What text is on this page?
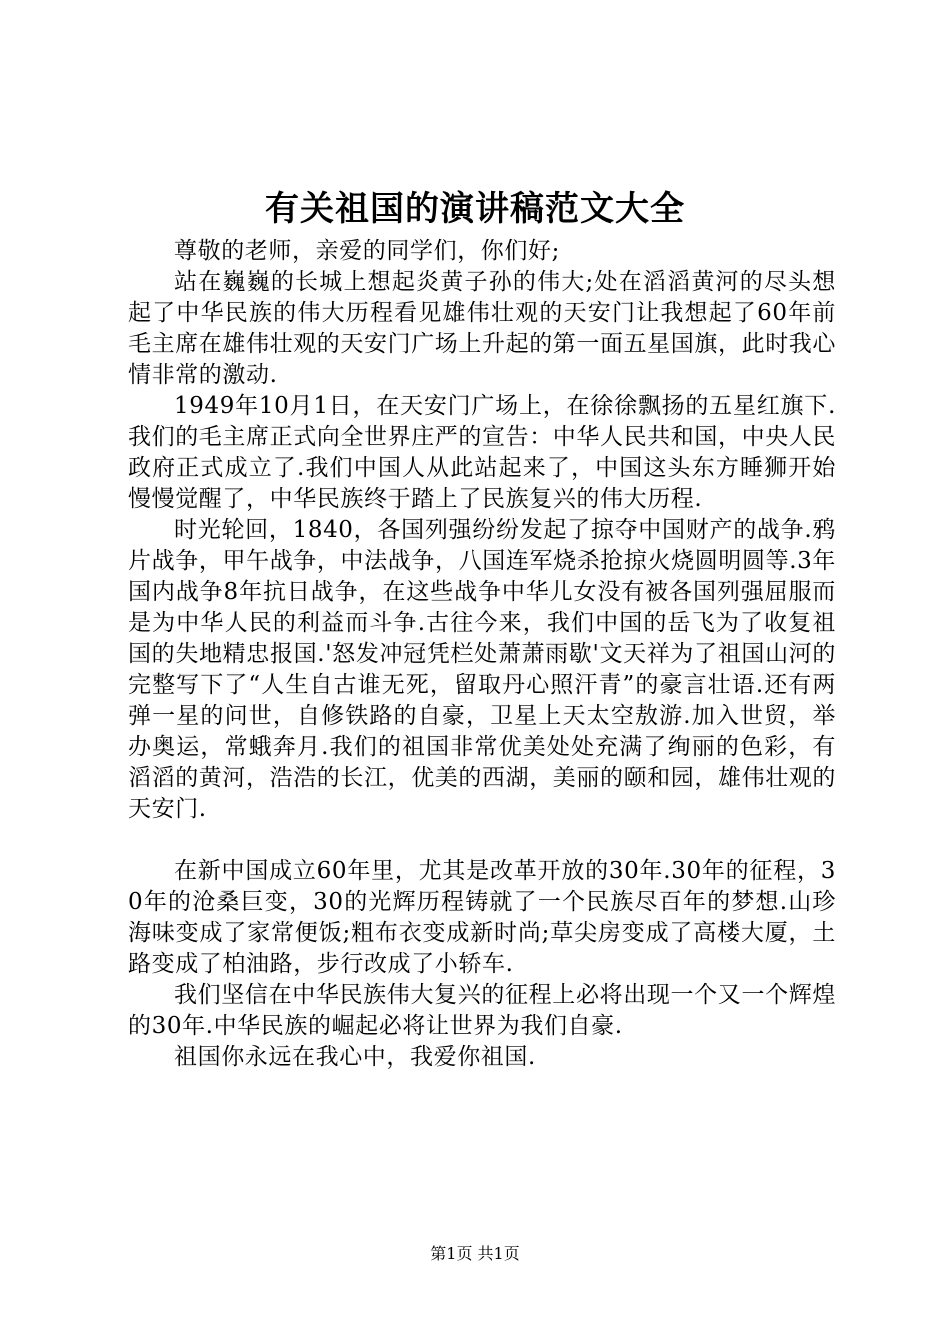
有关祖国的演讲稿范文大全

尊敬的老师，亲爱的同学们，你们好;

站在巍巍的长城上想起炎黄子孙的伟大;处在滔滔黄河的尽头想起了中华民族的伟大历程看见雄伟壮观的天安门让我想起了60年前毛主席在雄伟壮观的天安门广场上升起的第一面五星国旗，此时我心情非常的激动.

1949年10月1日，在天安门广场上，在徐徐飘扬的五星红旗下.我们的毛主席正式向全世界庄严的宣告：中华人民共和国，中央人民政府正式成立了.我们中国人从此站起来了，中国这头东方睡狮开始慢慢觉醒了，中华民族终于踏上了民族复兴的伟大历程.

时光轮回，1840，各国列强纷纷发起了掠夺中国财产的战争.鸦片战争，甲午战争，中法战争，八国连军烧杀抢掠火烧圆明圆等.3年国内战争8年抗日战争，在这些战争中华儿女没有被各国列强屈服而是为中华人民的利益而斗争.古往今来，我们中国的岳飞为了收复祖国的失地精忠报国.'怒发冲冠凭栏处萧萧雨歇'文天祥为了祖国山河的完整写下了“人生自古谁无死，留取丹心照汗青”的豪言壮语.还有两弹一星的问世，自修铁路的自豪，卫星上天太空敖游.加入世贸，举办奥运，常蛾奔月.我们的祖国非常优美处处充满了绚丽的色彩，有滔滔的黄河，浩浩的长江，优美的西湖，美丽的颐和园，雄伟壮观的天安门.

在新中国成立60年里，尤其是改革开放的30年.30年的征程，30年的沧桑巨变，30的光辉历程铸就了一个民族尽百年的梦想.山珍海味变成了家常便饭;粗布衣变成新时尚;草尖房变成了高楼大厦，土路变成了柏油路，步行改成了小轿车.

我们坚信在中华民族伟大复兴的征程上必将出现一个又一个辉煌的30年.中华民族的崛起必将让世界为我们自豪.

祖国你永远在我心中，我爱你祖国.

第1页 共1页
